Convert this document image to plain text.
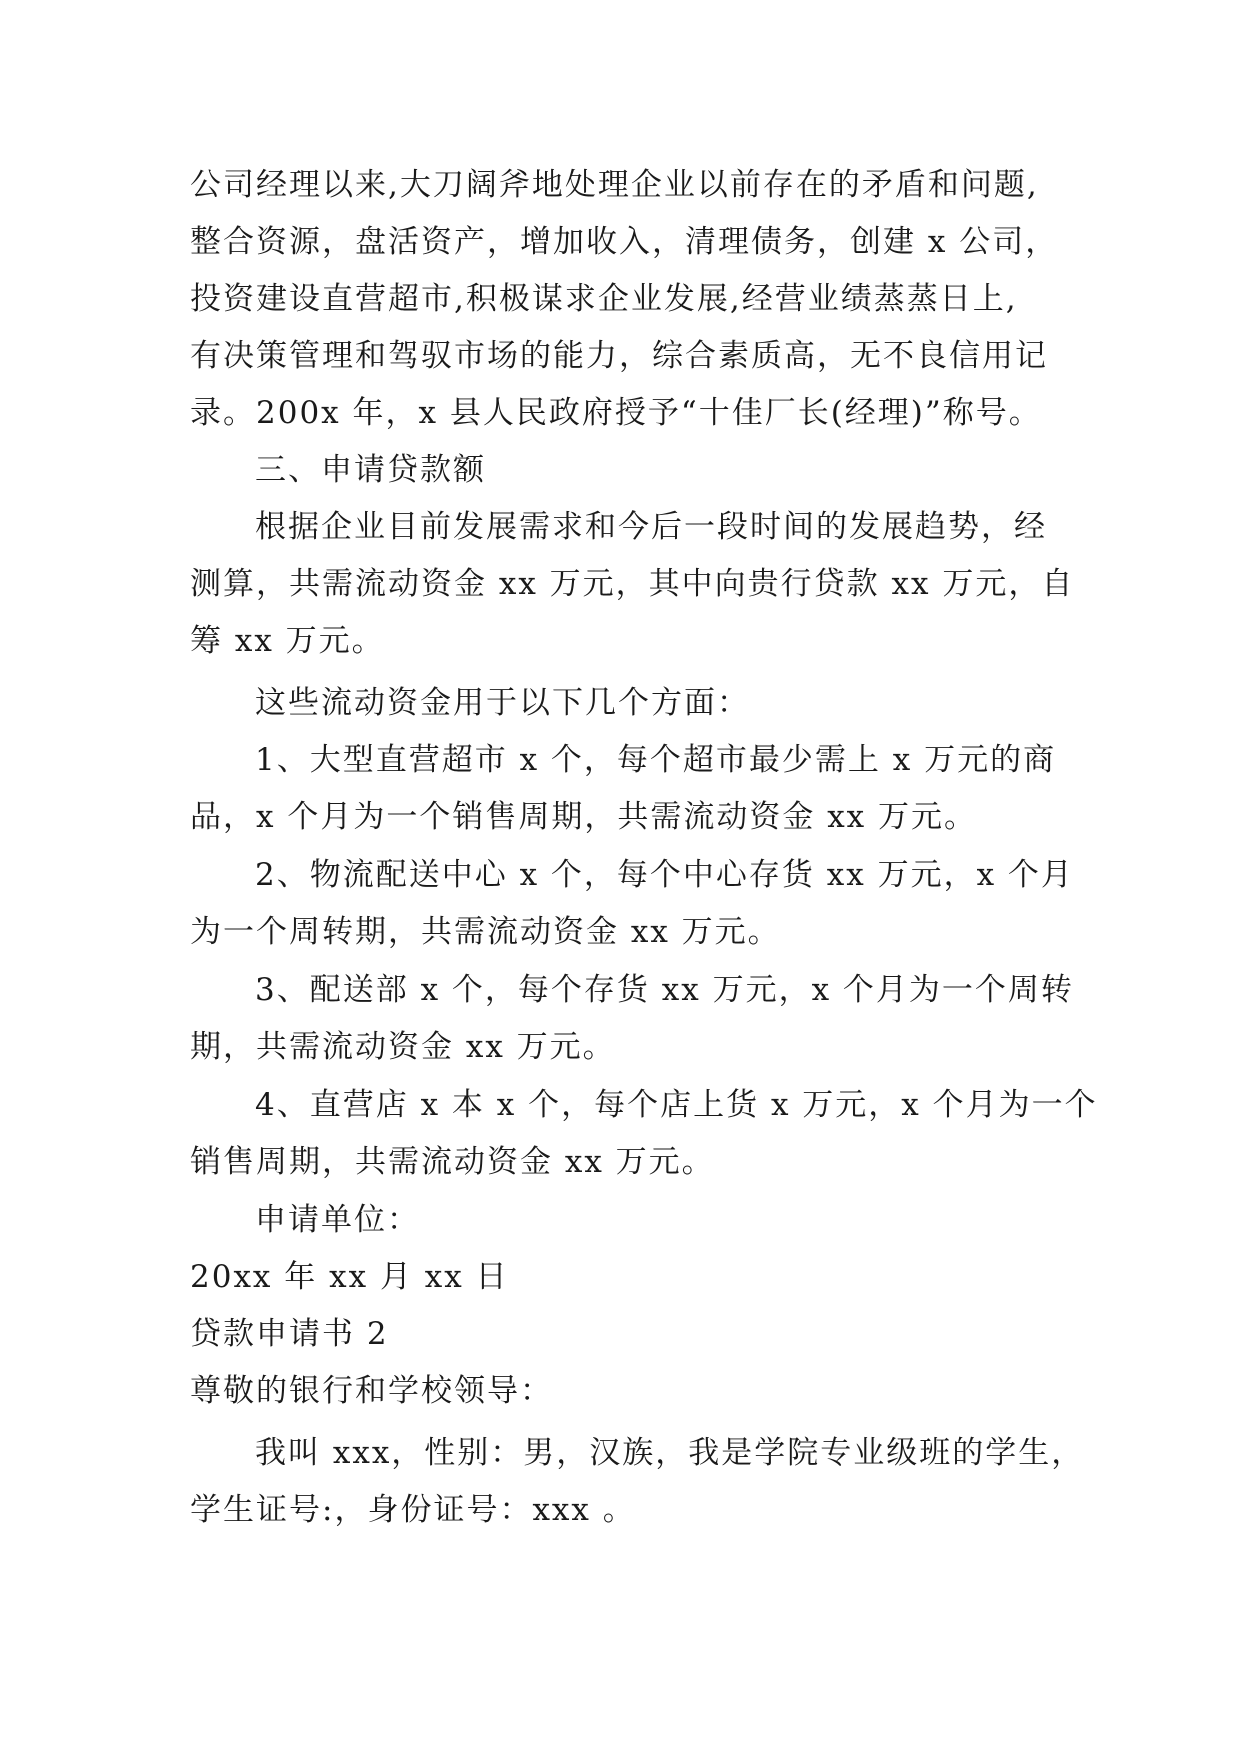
公司经理以来,大刀阔斧地处理企业以前存在的矛盾和问题,
整合资源，盘活资产，增加收入，清理债务，创建 x 公司，
投资建设直营超市,积极谋求企业发展,经营业绩蒸蒸日上,
有决策管理和驾驭市场的能力，综合素质高，无不良信用记
录。200x 年，x 县人民政府授予“十佳厂长(经理)”称号。
三、申请贷款额
根据企业目前发展需求和今后一段时间的发展趋势，经
测算，共需流动资金 xx 万元，其中向贵行贷款 xx 万元，自
筹 xx 万元。
这些流动资金用于以下几个方面：
1、大型直营超市 x 个，每个超市最少需上 x 万元的商
品，x 个月为一个销售周期，共需流动资金 xx 万元。
2、物流配送中心 x 个，每个中心存货 xx 万元，x 个月
为一个周转期，共需流动资金 xx 万元。
3、配送部 x 个，每个存货 xx 万元，x 个月为一个周转
期，共需流动资金 xx 万元。
4、直营店 x 本 x 个，每个店上货 x 万元，x 个月为一个
销售周期，共需流动资金 xx 万元。
申请单位：
20xx 年 xx 月 xx 日
贷款申请书 2
尊敬的银行和学校领导：
我叫 xxx，性别：男，汉族，我是学院专业级班的学生，
学生证号:，身份证号：xxx 。
